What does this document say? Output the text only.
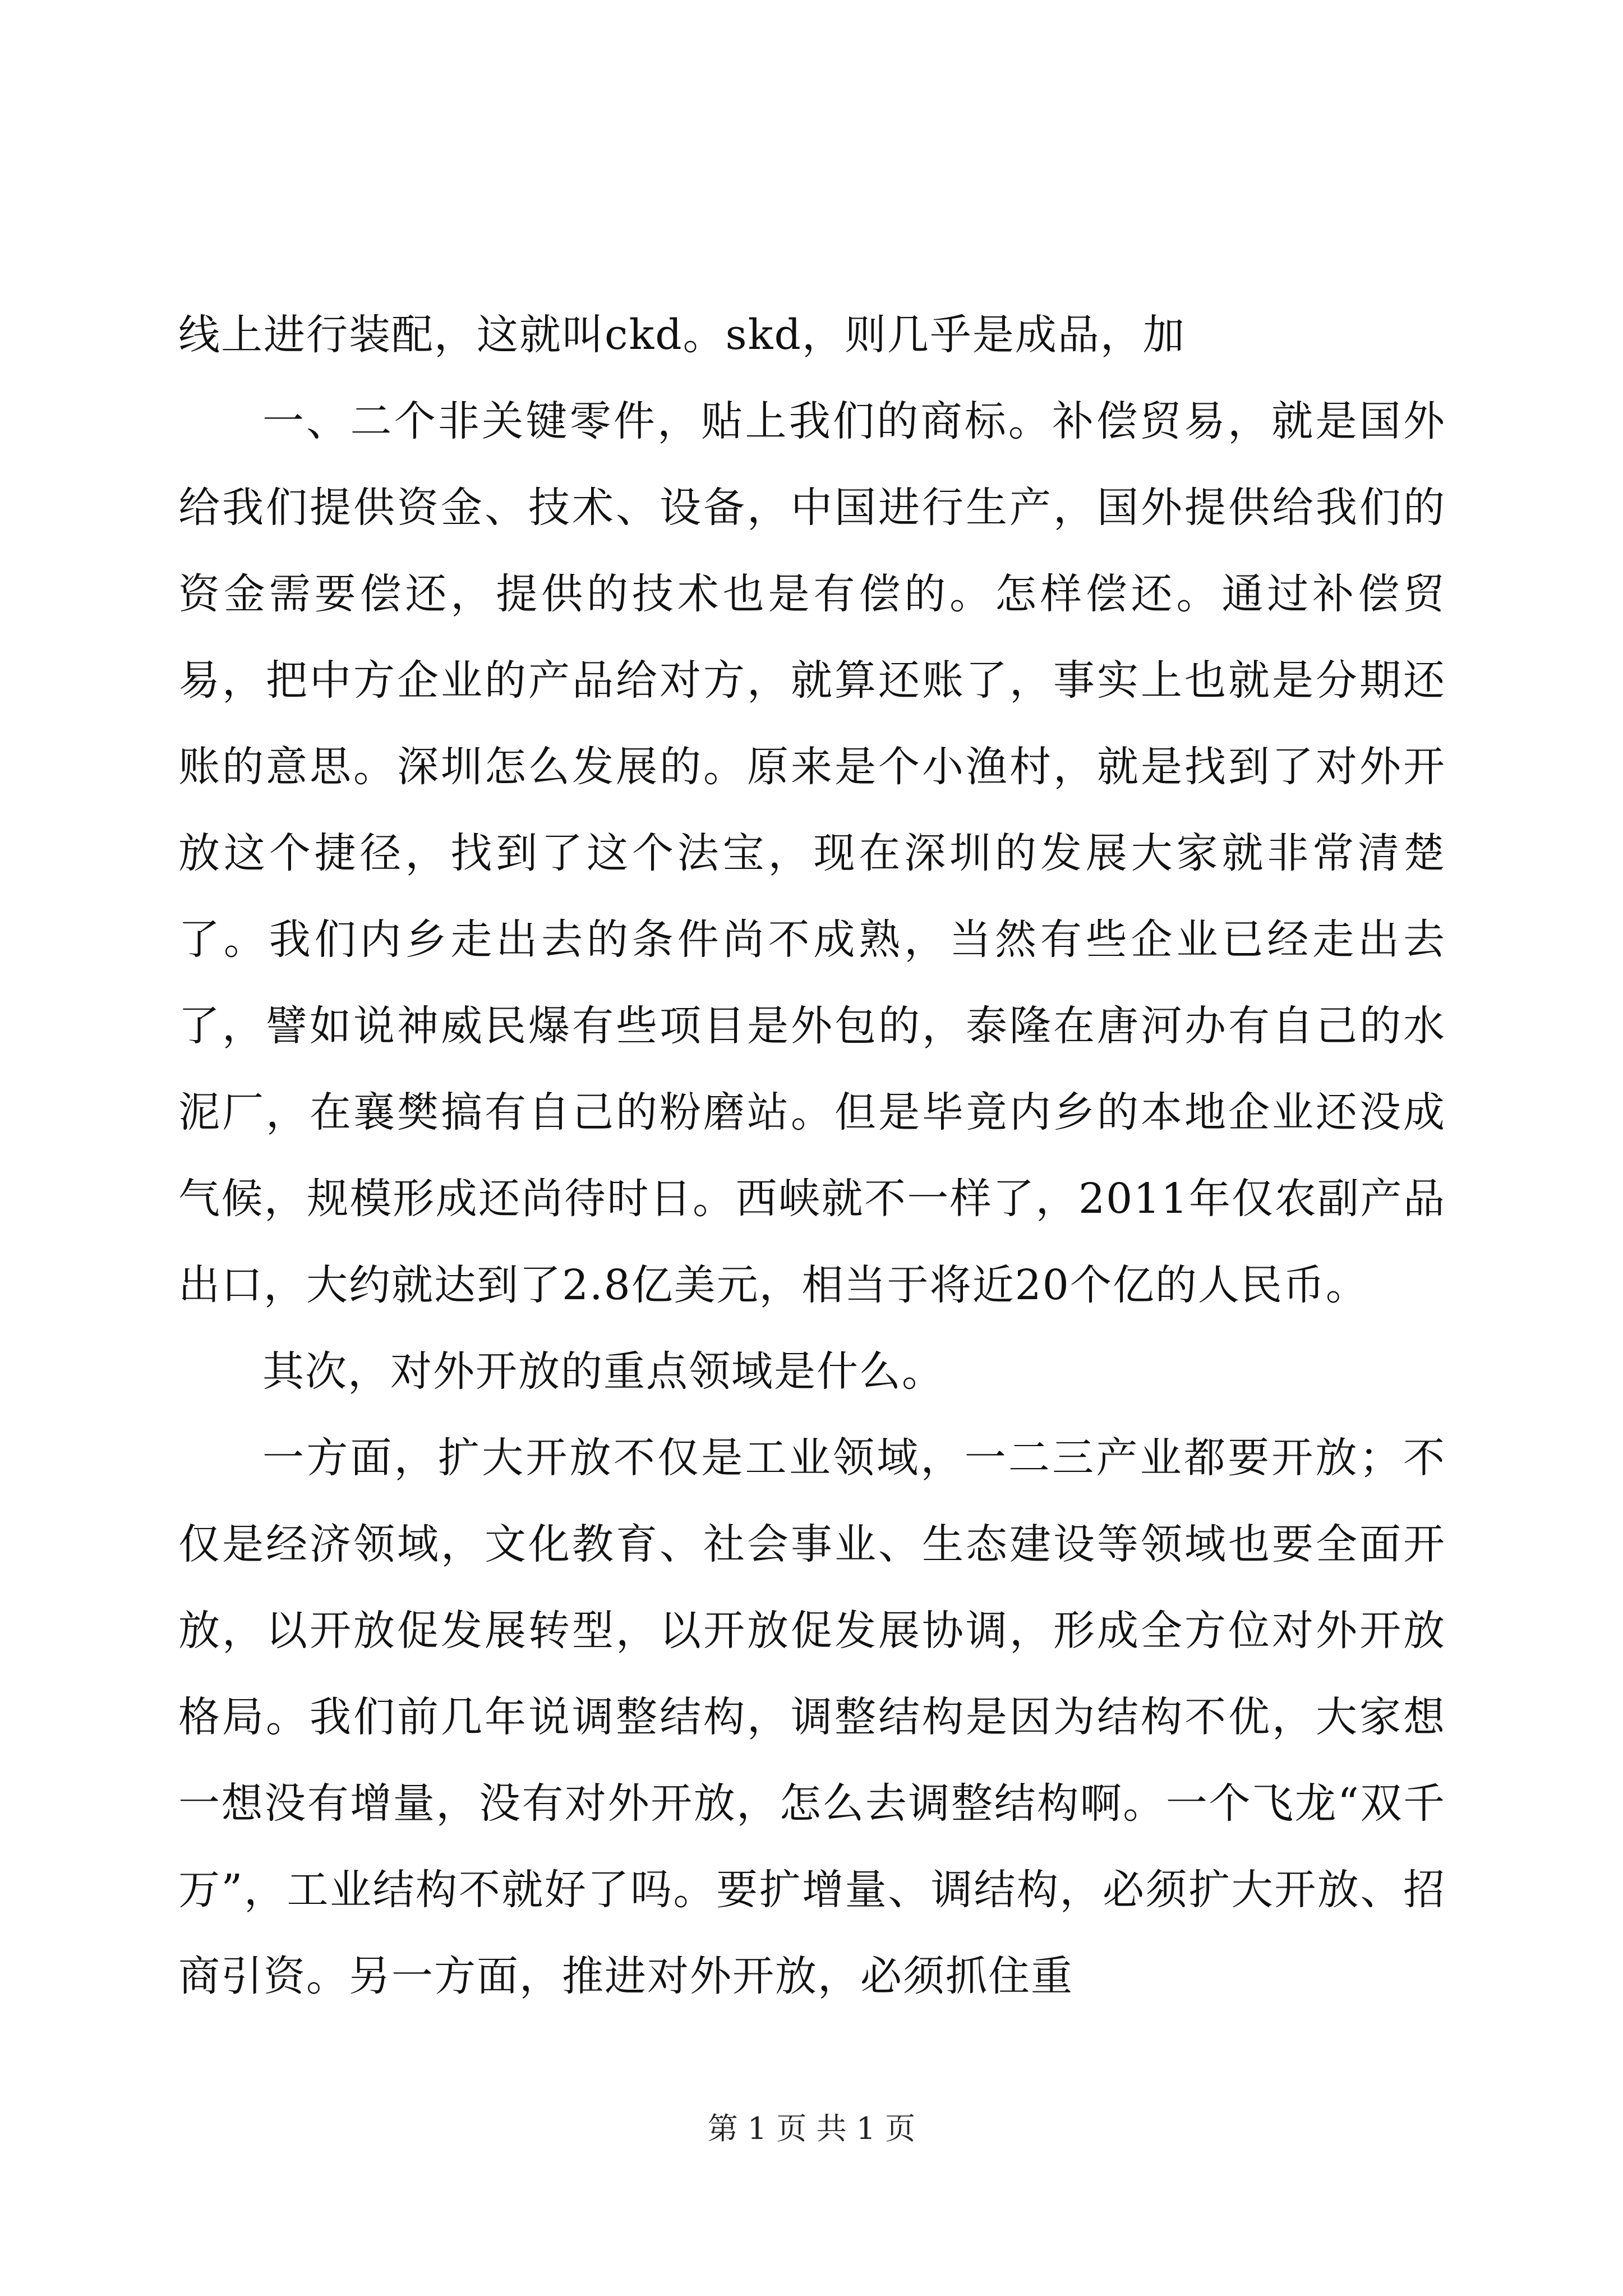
线上进行装配，这就叫ckd。skd，则几乎是成品，加

一、二个非关键零件，贴上我们的商标。补偿贸易，就是国外给我们提供资金、技术、设备，中国进行生产，国外提供给我们的资金需要偿还，提供的技术也是有偿的。怎样偿还。通过补偿贸易，把中方企业的产品给对方，就算还账了，事实上也就是分期还账的意思。深圳怎么发展的。原来是个小渔村，就是找到了对外开放这个捷径，找到了这个法宝，现在深圳的发展大家就非常清楚了。我们内乡走出去的条件尚不成熟，当然有些企业已经走出去了，譬如说神威民爆有些项目是外包的，泰隆在唐河办有自己的水泥厂，在襄樊搞有自己的粉磨站。但是毕竟内乡的本地企业还没成气候，规模形成还尚待时日。西峡就不一样了，2011年仅农副产品出口，大约就达到了2.8亿美元，相当于将近20个亿的人民币。

其次，对外开放的重点领域是什么。

一方面，扩大开放不仅是工业领域，一二三产业都要开放；不仅是经济领域，文化教育、社会事业、生态建设等领域也要全面开放，以开放促发展转型，以开放促发展协调，形成全方位对外开放格局。我们前几年说调整结构，调整结构是因为结构不优，大家想一想没有增量，没有对外开放，怎么去调整结构啊。一个飞龙“双千万”，工业结构不就好了吗。要扩增量、调结构，必须扩大开放、招商引资。另一方面，推进对外开放，必须抓住重

第 1 页 共 1 页
